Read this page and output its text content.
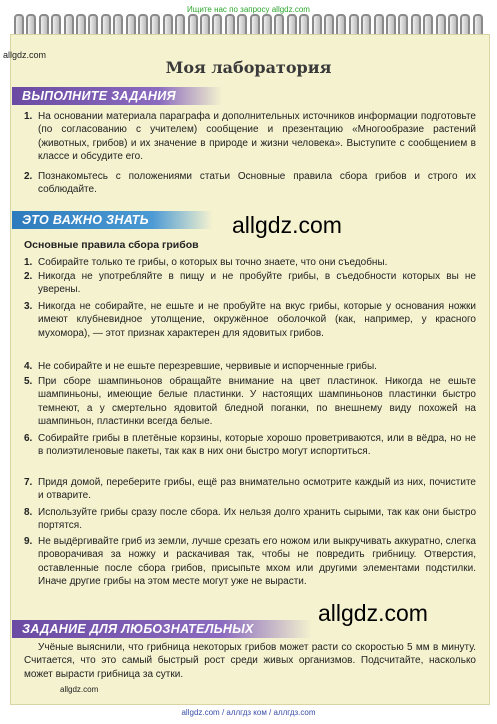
Ищите нас по запросу allgdz.com
allgdz.com
Моя лаборатория
ВЫПОЛНИТЕ ЗАДАНИЯ
1. На основании материала параграфа и дополнительных источников информации подготовьте (по согласованию с учителем) сообщение и презентацию «Многообразие растений (животных, грибов) и их значение в природе и жизни человека». Выступите с сообщением в классе и обсудите его.
2. Познакомьтесь с положениями статьи Основные правила сбора грибов и строго их соблюдайте.
ЭТО ВАЖНО ЗНАТЬ	allgdz.com
Основные правила сбора грибов
1. Собирайте только те грибы, о которых вы точно знаете, что они съедобны.
2. Никогда не употребляйте в пищу и не пробуйте грибы, в съедобности которых вы не уверены.
3. Никогда не собирайте, не ешьте и не пробуйте на вкус грибы, которые у основания ножки имеют клубневидное утолщение, окружённое оболочкой (как, например, у красного мухомора), — этот признак характерен для ядовитых грибов.
4. Не собирайте и не ешьте перезревшие, червивые и испорченные грибы.
5. При сборе шампиньонов обращайте внимание на цвет пластинок. Никогда не ешьте шампиньоны, имеющие белые пластинки. У настоящих шампиньонов пластинки быстро темнеют, а у смертельно ядовитой бледной поганки, по внешнему виду похожей на шампиньон, пластинки всегда белые.
6. Собирайте грибы в плетёные корзины, которые хорошо проветриваются, или в вёдра, но не в полиэтиленовые пакеты, так как в них они быстро могут испортиться.
7. Придя домой, переберите грибы, ещё раз внимательно осмотрите каждый из них, почистите и отварите.
8. Используйте грибы сразу после сбора. Их нельзя долго хранить сырыми, так как они быстро портятся.
9. Не выдёргивайте гриб из земли, лучше срезать его ножом или выкручивать аккуратно, слегка проворачивая за ножку и раскачивая так, чтобы не повредить грибницу. Отверстия, оставленные после сбора грибов, присыпьте мхом или другими элементами подстилки. Иначе другие грибы на этом месте могут уже не вырасти.
allgdz.com
ЗАДАНИЕ ДЛЯ ЛЮБОЗНАТЕЛЬНЫХ
Учёные выяснили, что грибница некоторых грибов может расти со скоростью 5 мм в минуту. Считается, что это самый быстрый рост среди живых организмов. Подсчитайте, насколько может вырасти грибница за сутки.
allgdz.com
allgdz.com / аллгдз ком / аллгдз.com
